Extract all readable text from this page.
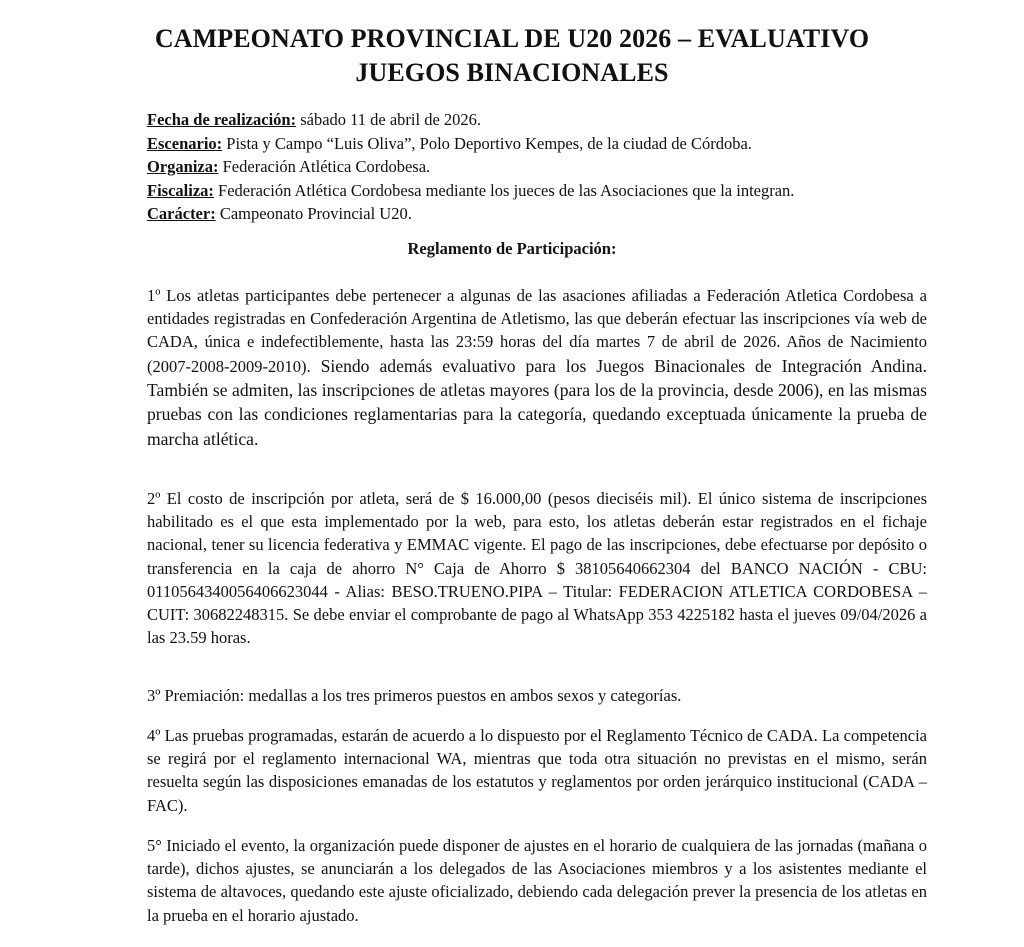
CAMPEONATO PROVINCIAL DE U20 2026 – EVALUATIVO
JUEGOS BINACIONALES
Fecha de realización: sábado 11 de abril de 2026.
Escenario: Pista y Campo “Luis Oliva”, Polo Deportivo Kempes, de la ciudad de Córdoba.
Organiza: Federación Atlética Cordobesa.
Fiscaliza: Federación Atlética Cordobesa mediante los jueces de las Asociaciones que la integran.
Carácter: Campeonato Provincial U20.
Reglamento de Participación:
1º Los atletas participantes debe pertenecer a algunas de las asaciones afiliadas a Federación Atletica Cordobesa a entidades registradas en Confederación Argentina de Atletismo, las que deberán efectuar las inscripciones vía web de CADA, única e indefectiblemente, hasta las 23:59 horas del día martes 7 de abril de 2026. Años de Nacimiento (2007-2008-2009-2010). Siendo además evaluativo para los Juegos Binacionales de Integración Andina. También se admiten, las inscripciones de atletas mayores (para los de la provincia, desde 2006), en las mismas pruebas con las condiciones reglamentarias para la categoría, quedando exceptuada únicamente la prueba de marcha atlética.
2º El costo de inscripción por atleta, será de $ 16.000,00 (pesos dieciséis mil). El único sistema de inscripciones habilitado es el que esta implementado por la web, para esto, los atletas deberán estar registrados en el fichaje nacional, tener su licencia federativa y EMMAC vigente. El pago de las inscripciones, debe efectuarse por depósito o transferencia en la caja de ahorro N° Caja de Ahorro $ 38105640662304 del BANCO NACIÓN - CBU: 0110564340056406623044 - Alias: BESO.TRUENO.PIPA – Titular: FEDERACION ATLETICA CORDOBESA – CUIT: 30682248315. Se debe enviar el comprobante de pago al WhatsApp 353 4225182 hasta el jueves 09/04/2026 a las 23.59 horas.
3º Premiación: medallas a los tres primeros puestos en ambos sexos y categorías.
4º Las pruebas programadas, estarán de acuerdo a lo dispuesto por el Reglamento Técnico de CADA. La competencia se regirá por el reglamento internacional WA, mientras que toda otra situación no previstas en el mismo, serán resuelta según las disposiciones emanadas de los estatutos y reglamentos por orden jerárquico institucional (CADA – FAC).
5° Iniciado el evento, la organización puede disponer de ajustes en el horario de cualquiera de las jornadas (mañana o tarde), dichos ajustes, se anunciarán a los delegados de las Asociaciones miembros y a los asistentes mediante el sistema de altavoces, quedando este ajuste oficializado, debiendo cada delegación prever la presencia de los atletas en la prueba en el horario ajustado.
